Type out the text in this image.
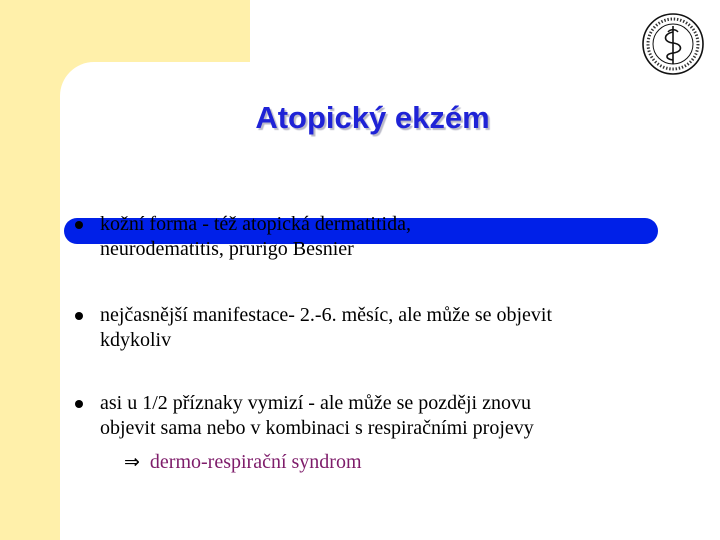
Atopický ekzém
kožní forma - též atopická dermatitida,
neurodematitis, prurigo Besnier
nejčasnější manifestace- 2.-6. měsíc, ale může se objevit
kdykoliv
asi u 1/2 příznaky vymizí - ale může se později znovu
objevit sama nebo v kombinaci s respiračními projevy
⇒ dermo-respirační syndrom
